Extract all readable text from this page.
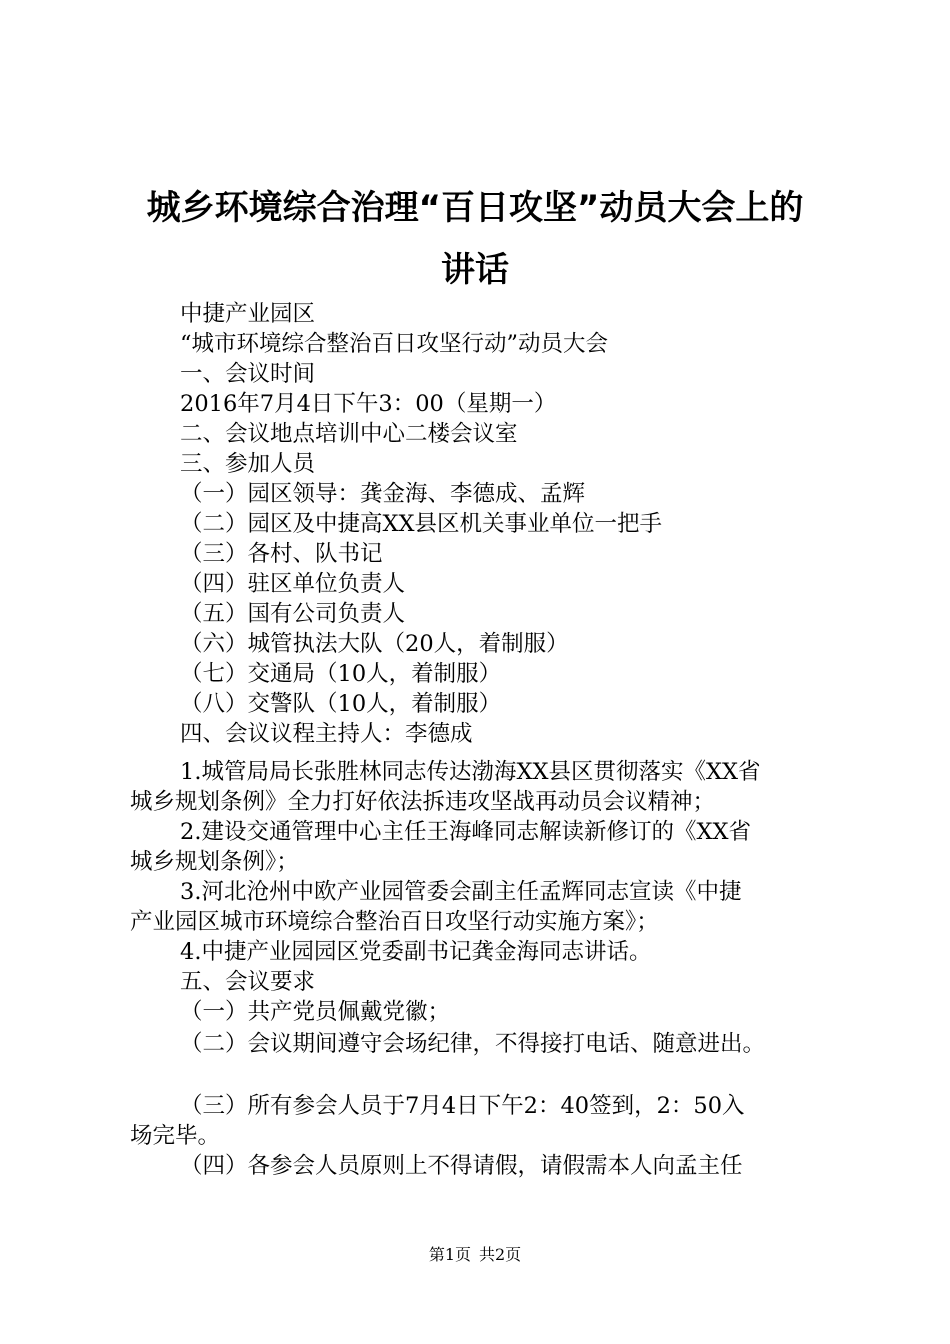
城乡环境综合治理“百日攻坚”动员大会上的
讲话

中捷产业园区

“城市环境综合整治百日攻坚行动”动员大会

一、会议时间

2016年7月4日下午3：00（星期一）

二、会议地点培训中心二楼会议室

三、参加人员

（一）园区领导：龚金海、李德成、孟辉

（二）园区及中捷高XX县区机关事业单位一把手

（三）各村、队书记

（四）驻区单位负责人

（五）国有公司负责人

（六）城管执法大队（20人，着制服）

（七）交通局（10人，着制服）

（八）交警队（10人，着制服）

四、会议议程主持人：李德成

1.城管局局长张胜林同志传达渤海XX县区贯彻落实《XX省

城乡规划条例》全力打好依法拆违攻坚战再动员会议精神；

2.建设交通管理中心主任王海峰同志解读新修订的《XX省

城乡规划条例》；

3.河北沧州中欧产业园管委会副主任孟辉同志宣读《中捷

产业园区城市环境综合整治百日攻坚行动实施方案》；

4.中捷产业园园区党委副书记龚金海同志讲话。

五、会议要求

（一）共产党员佩戴党徽；

（二）会议期间遵守会场纪律，不得接打电话、随意进出。

（三）所有参会人员于7月4日下午2：40签到，2：50入

场完毕。

（四）各参会人员原则上不得请假，请假需本人向孟主任

第1页 共2页
